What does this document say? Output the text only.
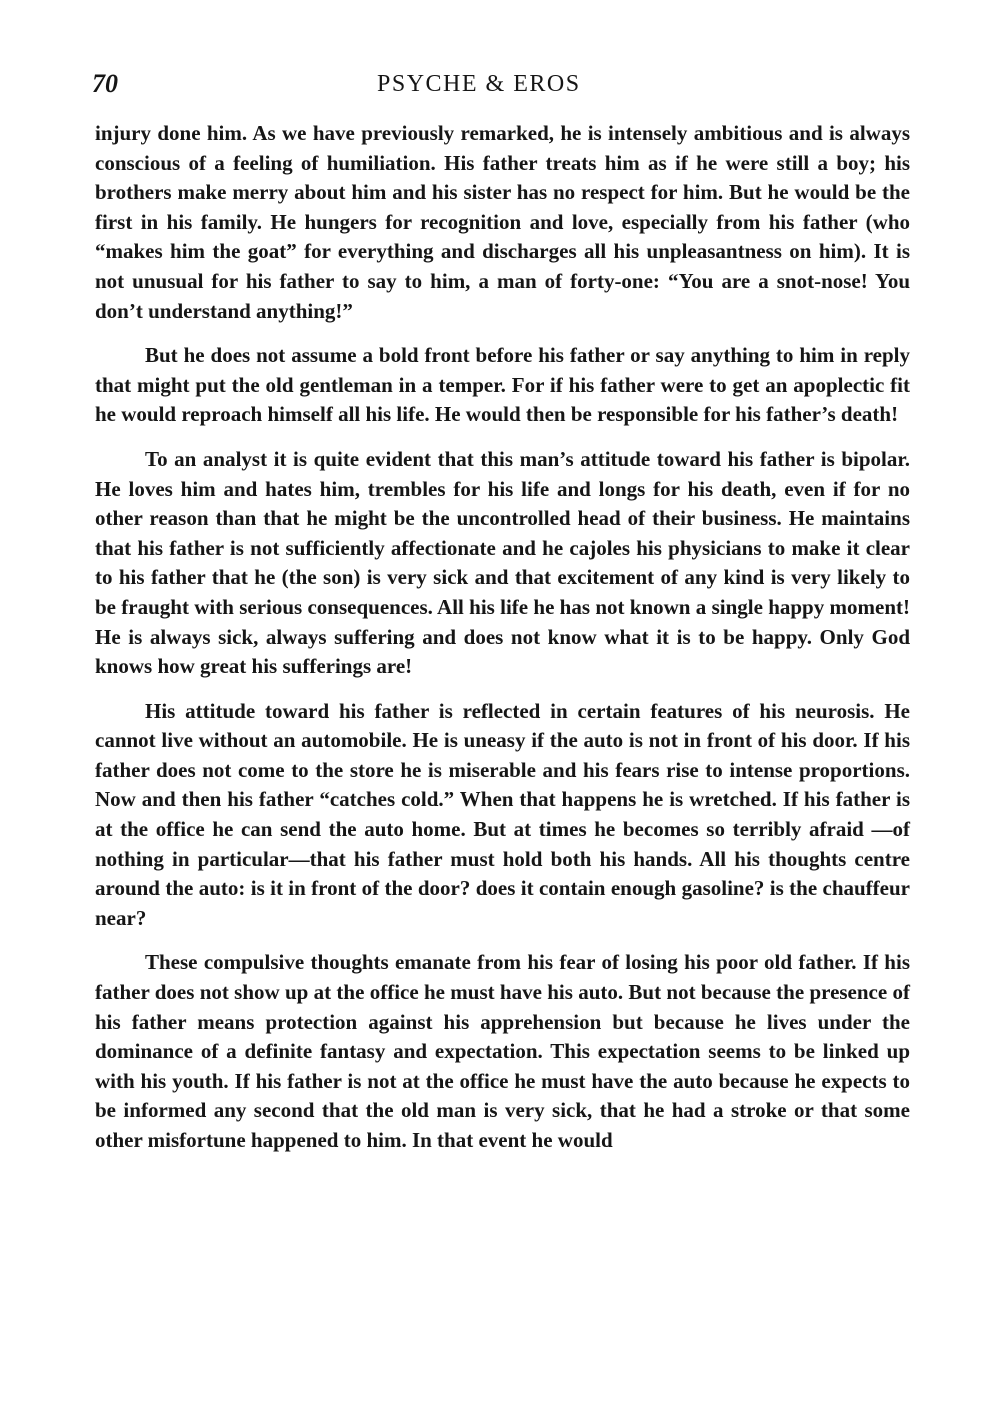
70	PSYCHE & EROS

injury done him. As we have previously remarked, he is intensely ambitious and is always conscious of a feeling of humiliation. His father treats him as if he were still a boy; his brothers make merry about him and his sister has no respect for him. But he would be the first in his family. He hungers for recognition and love, especially from his father (who “makes him the goat” for everything and discharges all his unpleasantness on him). It is not unusual for his father to say to him, a man of forty-one: “You are a snot-nose! You don’t understand anything!”

But he does not assume a bold front before his father or say anything to him in reply that might put the old gentleman in a temper. For if his father were to get an apoplectic fit he would reproach himself all his life. He would then be responsible for his father’s death!

To an analyst it is quite evident that this man’s attitude toward his father is bipolar. He loves him and hates him, trembles for his life and longs for his death, even if for no other reason than that he might be the uncontrolled head of their business. He maintains that his father is not sufficiently affectionate and he cajoles his physicians to make it clear to his father that he (the son) is very sick and that excitement of any kind is very likely to be fraught with serious consequences. All his life he has not known a single happy moment! He is always sick, always suffering and does not know what it is to be happy. Only God knows how great his sufferings are!

His attitude toward his father is reflected in certain features of his neurosis. He cannot live without an automobile. He is uneasy if the auto is not in front of his door. If his father does not come to the store he is miserable and his fears rise to intense proportions. Now and then his father “catches cold.” When that happens he is wretched. If his father is at the office he can send the auto home. But at times he becomes so terribly afraid —of nothing in particular—that his father must hold both his hands. All his thoughts centre around the auto: is it in front of the door? does it contain enough gasoline? is the chauffeur near?

These compulsive thoughts emanate from his fear of losing his poor old father. If his father does not show up at the office he must have his auto. But not because the presence of his father means protection against his apprehension but because he lives under the dominance of a definite fantasy and expectation. This expectation seems to be linked up with his youth. If his father is not at the office he must have the auto because he expects to be informed any second that the old man is very sick, that he had a stroke or that some other misfortune happened to him. In that event he would
